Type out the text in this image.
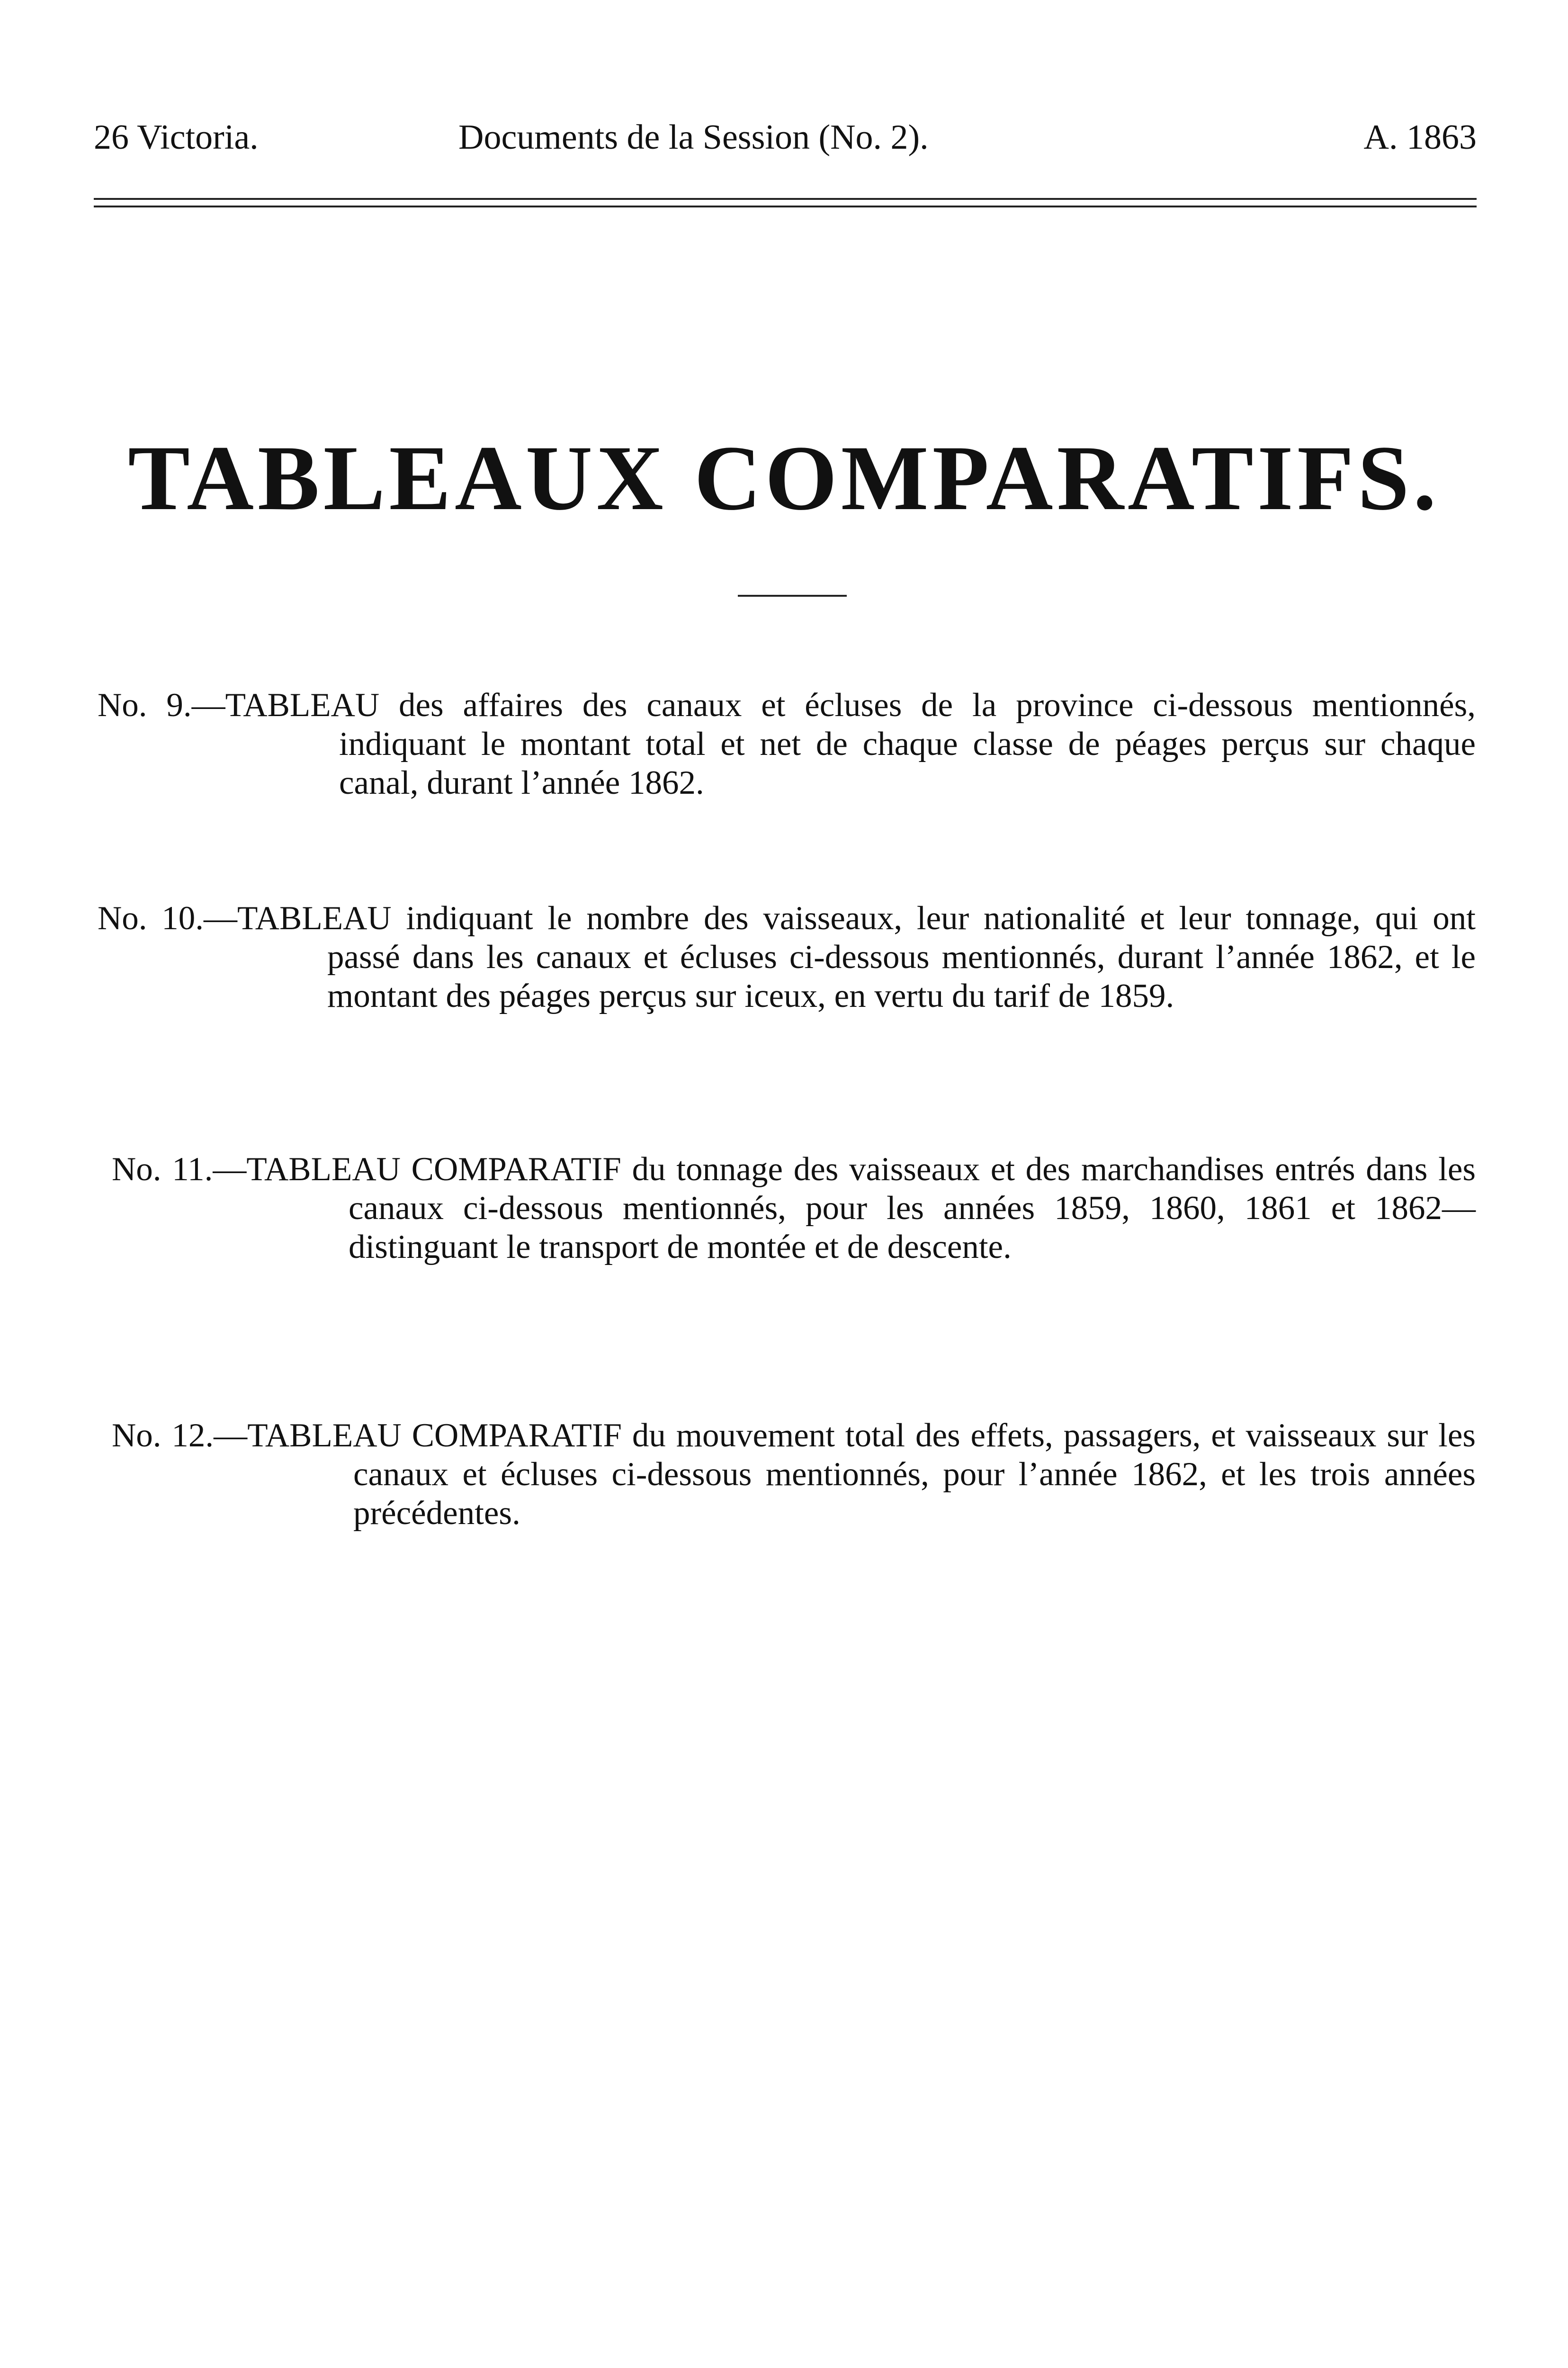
26 Victoria.	Documents de la Session (No. 2).	A. 1863
TABLEAUX COMPARATIFS.
No. 9.—TABLEAU des affaires des canaux et écluses de la province ci-dessous mentionnés, indiquant le montant total et net de chaque classe de péages perçus sur chaque canal, durant l’année 1862.
No. 10.—TABLEAU indiquant le nombre des vaisseaux, leur nationalité et leur tonnage, qui ont passé dans les canaux et écluses ci-dessous mentionnés, durant l’année 1862, et le montant des péages perçus sur iceux, en vertu du tarif de 1859.
No. 11.—TABLEAU COMPARATIF du tonnage des vaisseaux et des marchandises entrés dans les canaux ci-dessous mentionnés, pour les années 1859, 1860, 1861 et 1862—distinguant le transport de montée et de descente.
No. 12.—TABLEAU COMPARATIF du mouvement total des effets, passagers, et vaisseaux sur les canaux et écluses ci-dessous mentionnés, pour l’année 1862, et les trois années précédentes.
